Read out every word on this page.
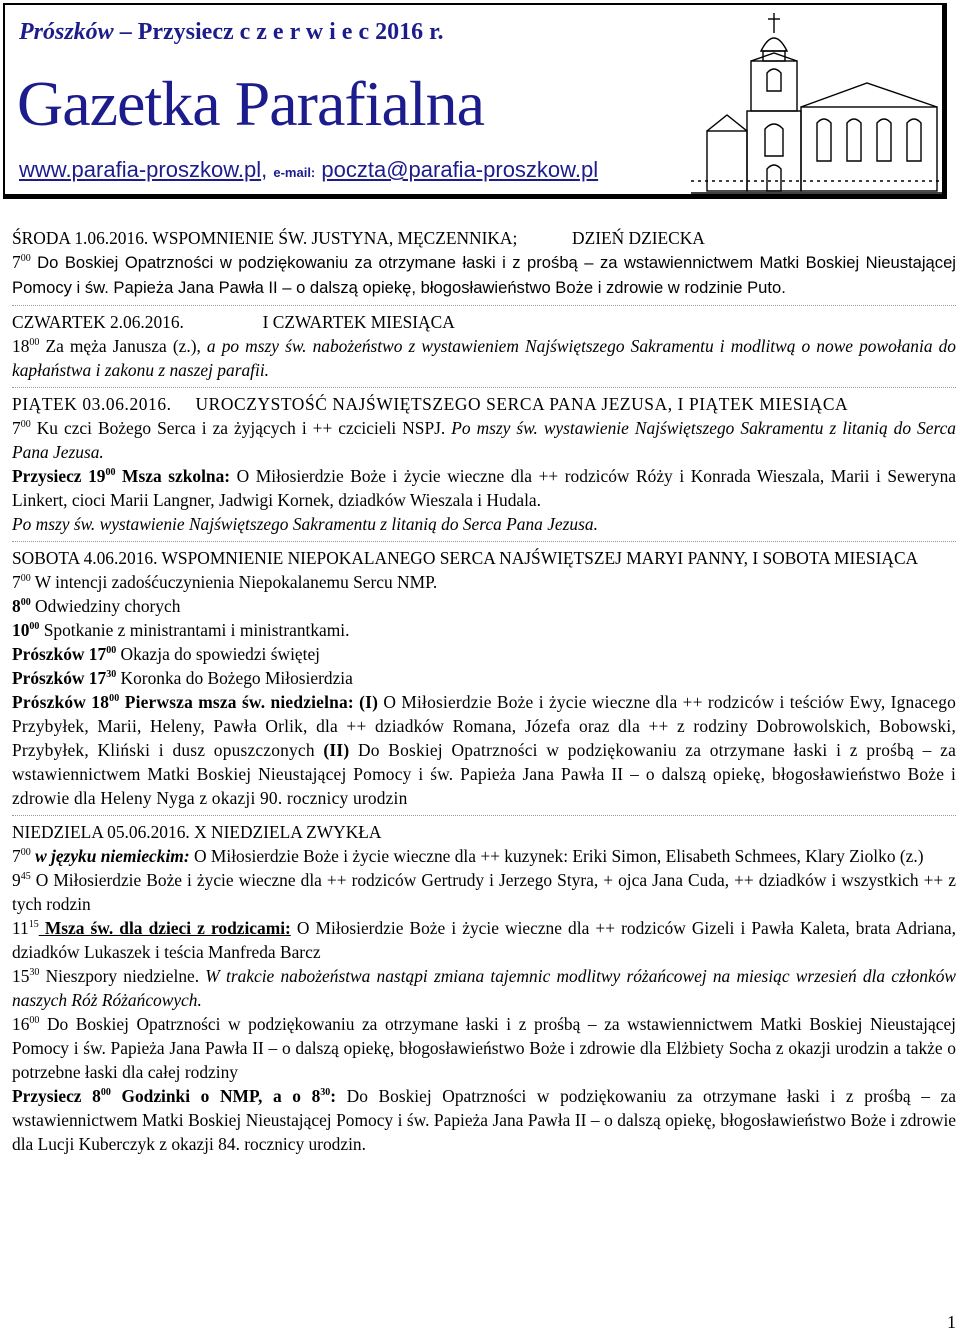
Prószków – Przysiecz c z e r w i e c 2016 r.
Gazetka Parafialna
www.parafia-proszkow.pl, e-mail: poczta@parafia-proszkow.pl

ŚRODA 1.06.2016. WSPOMNIENIE ŚW. JUSTYNA, MĘCZENNIKA;	DZIEŃ DZIECKA

$7^{00}$ Do Boskiej Opatrzności w podziękowaniu za otrzymane łaski i z prośbą – za wstawiennictwem Matki Boskiej Nieustającej Pomocy i św. Papieża Jana Pawła II – o dalszą opiekę, błogosławieństwo Boże i zdrowie w rodzinie Puto.

CZWARTEK 2.06.2016.	I CZWARTEK MIESIĄCA

$18^{00}$ Za męża Janusza (z.), a po mszy św. nabożeństwo z wystawieniem Najświętszego Sakramentu i modlitwą o nowe powołania do kapłaństwa i zakonu z naszej parafii.

PIĄTEK 03.06.2016. UROCZYSTOŚĆ NAJŚWIĘTSZEGO SERCA PANA JEZUSA, I PIĄTEK MIESIĄCA

$7^{00}$ Ku czci Bożego Serca i za żyjących i ++ czcicieli NSPJ. Po mszy św. wystawienie Najświętszego Sakramentu z litanią do Serca Pana Jezusa.

Przysiecz $19^{00}$ Msza szkolna: O Miłosierdzie Boże i życie wieczne dla ++ rodziców Róży i Konrada Wieszala, Marii i Seweryna Linkert, cioci Marii Langner, Jadwigi Kornek, dziadków Wieszala i Hudala.

Po mszy św. wystawienie Najświętszego Sakramentu z litanią do Serca Pana Jezusa.

SOBOTA 4.06.2016. WSPOMNIENIE NIEPOKALANEGO SERCA NAJŚWIĘTSZEJ MARYI PANNY, I SOBOTA MIESIĄCA

$7^{00}$ W intencji zadośćuczynienia Niepokalanemu Sercu NMP.

$8^{00}$ Odwiedziny chorych

$10^{00}$ Spotkanie z ministrantami i ministrantkami.

Prószków $17^{00}$ Okazja do spowiedzi świętej

Prószków $17^{30}$ Koronka do Bożego Miłosierdzia

Prószków $18^{00}$ Pierwsza msza św. niedzielna: (I) O Miłosierdzie Boże i życie wieczne dla ++ rodziców i teściów Ewy, Ignacego Przybyłek, Marii, Heleny, Pawła Orlik, dla ++ dziadków Romana, Józefa oraz dla ++ z rodziny Dobrowolskich, Bobowski, Przybyłek, Kliński i dusz opuszczonych (II) Do Boskiej Opatrzności w podziękowaniu za otrzymane łaski i z prośbą – za wstawiennictwem Matki Boskiej Nieustającej Pomocy i św. Papieża Jana Pawła II – o dalszą opiekę, błogosławieństwo Boże i zdrowie dla Heleny Nyga z okazji 90. rocznicy urodzin

NIEDZIELA 05.06.2016. X NIEDZIELA ZWYKŁA

$7^{00}$ w języku niemieckim: O Miłosierdzie Boże i życie wieczne dla ++ kuzynek: Eriki Simon, Elisabeth Schmees, Klary Ziolko (z.)

$9^{45}$ O Miłosierdzie Boże i życie wieczne dla ++ rodziców Gertrudy i Jerzego Styra, + ojca Jana Cuda, ++ dziadków i wszystkich ++ z tych rodzin

$11^{15}$ Msza św. dla dzieci z rodzicami: O Miłosierdzie Boże i życie wieczne dla ++ rodziców Gizeli i Pawła Kaleta, brata Adriana, dziadków Lukaszek i teścia Manfreda Barcz

$15^{30}$ Nieszpory niedzielne. W trakcie nabożeństwa nastąpi zmiana tajemnic modlitwy różańcowej na miesiąc wrzesień dla członków naszych Róż Różańcowych.

$16^{00}$ Do Boskiej Opatrzności w podziękowaniu za otrzymane łaski i z prośbą – za wstawiennictwem Matki Boskiej Nieustającej Pomocy i św. Papieża Jana Pawła II – o dalszą opiekę, błogosławieństwo Boże i zdrowie dla Elżbiety Socha z okazji urodzin a także o potrzebne łaski dla całej rodziny

Przysiecz $8^{00}$ Godzinki o NMP, a o $8^{30}$: Do Boskiej Opatrzności w podziękowaniu za otrzymane łaski i z prośbą – za wstawiennictwem Matki Boskiej Nieustającej Pomocy i św. Papieża Jana Pawła II – o dalszą opiekę, błogosławieństwo Boże i zdrowie dla Lucji Kuberczyk z okazji 84. rocznicy urodzin.

1
